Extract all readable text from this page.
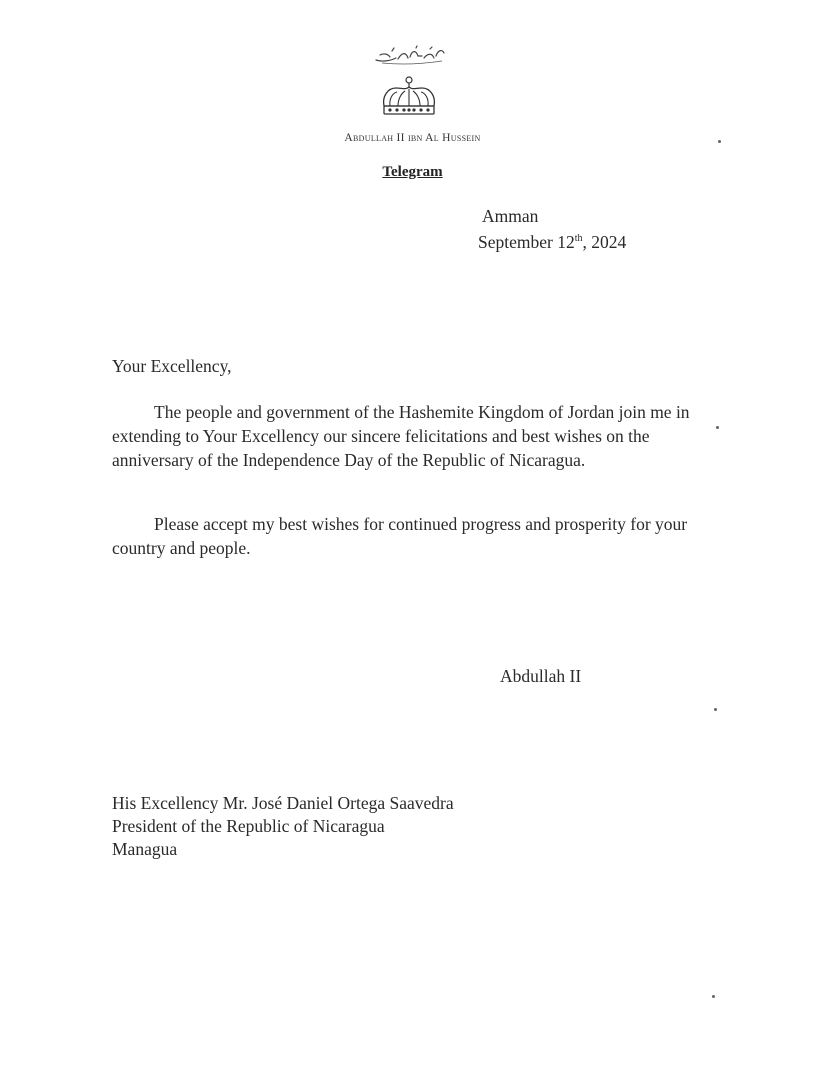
Abdullah II ibn Al Hussein
Telegram
Amman
September 12th, 2024
Your Excellency,

The people and government of the Hashemite Kingdom of Jordan join me in extending to Your Excellency our sincere felicitations and best wishes on the anniversary of the Independence Day of the Republic of Nicaragua.

Please accept my best wishes for continued progress and prosperity for your country and people.

Abdullah II
His Excellency Mr. José Daniel Ortega Saavedra
President of the Republic of Nicaragua
Managua
